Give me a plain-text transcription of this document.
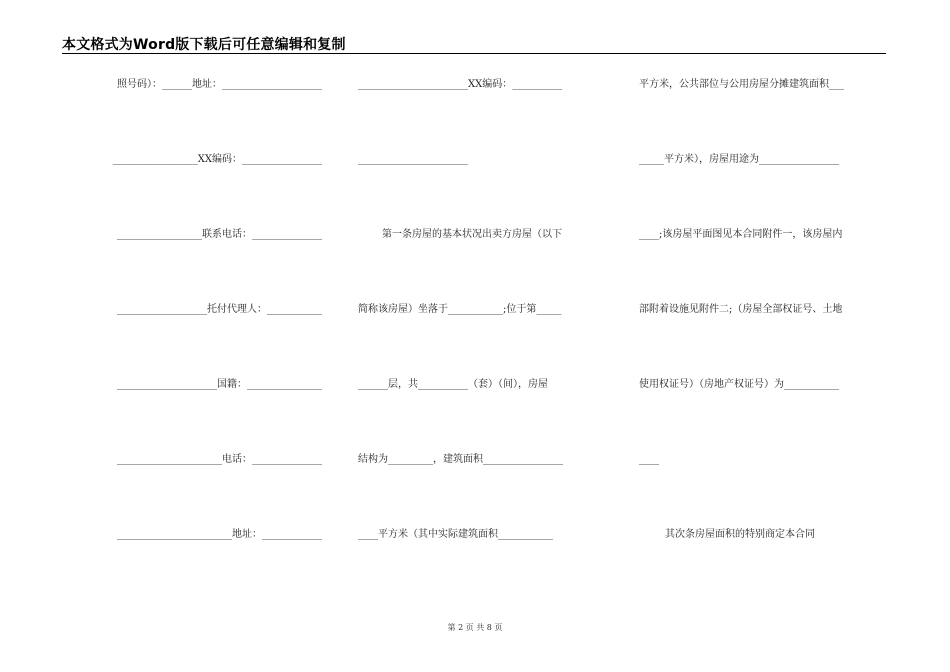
本文格式为Word版下载后可任意编辑和复制
照号码）：______地址：____________________
_________________XX编码：________________
_________________联系电话：______________
__________________托付代理人：___________
____________________国籍：_______________
_____________________电话：______________
_______________________地址：____________
______________________XX编码：__________
______________________
第一条房屋的基本状况出卖方房屋（以下
简称该房屋）坐落于___________;位于第_____
______层，共__________（套）（间），房屋
结构为_________，建筑面积________________
____平方米（其中实际建筑面积___________
平方米，公共部位与公用房屋分摊建筑面积___
_____平方米），房屋用途为________________
____;该房屋平面图见本合同附件一，该房屋内
部附着设施见附件二;（房屋全部权证号、土地
使用权证号）（房地产权证号）为___________
____
其次条房屋面积的特别商定本合同
第 2 页 共 8 页
